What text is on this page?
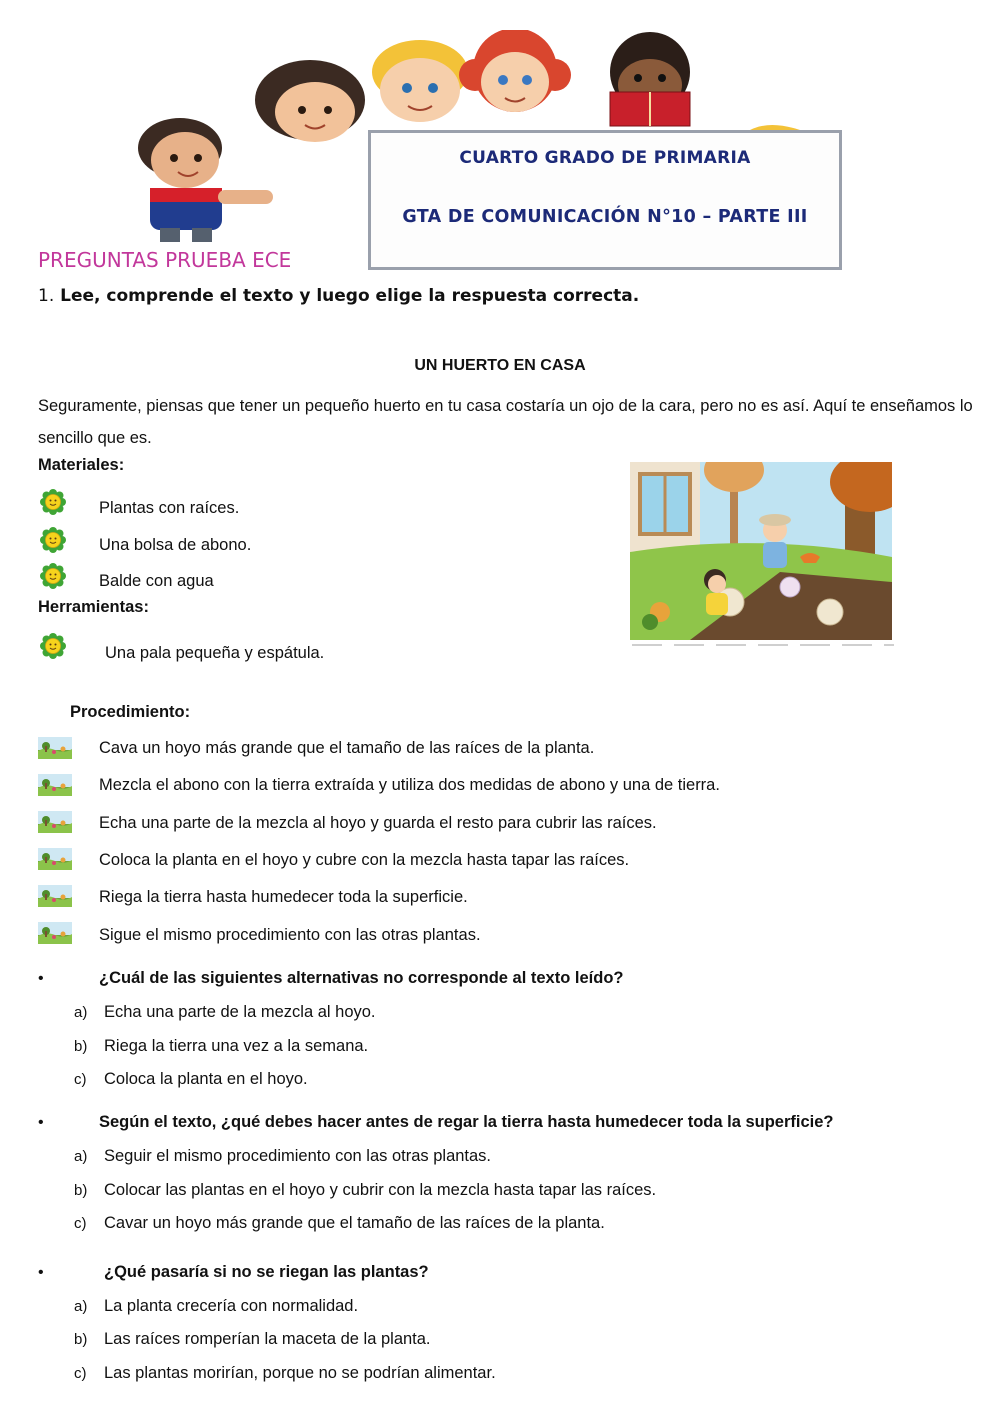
CUARTO GRADO DE PRIMARIA
GTA DE COMUNICACIÓN N°10 – PARTE III
PREGUNTAS PRUEBA ECE
1. Lee, comprende el texto y luego elige la respuesta correcta.
UN HUERTO EN CASA
Seguramente, piensas que tener un pequeño huerto en tu casa costaría un ojo de la cara, pero no es así. Aquí te enseñamos lo sencillo que es.
Materiales:
Plantas con raíces.
Una bolsa de abono.
Balde con agua
Herramientas:
Una pala pequeña y espátula.
Procedimiento:
Cava un hoyo más grande que el tamaño de las raíces de la planta.
Mezcla el abono con la tierra extraída y utiliza dos medidas de abono y una de tierra.
Echa una parte de la mezcla al hoyo y guarda el resto para cubrir las raíces.
Coloca la planta en el hoyo y cubre con la mezcla hasta tapar las raíces.
Riega la tierra hasta humedecer toda la superficie.
Sigue el mismo procedimiento con las otras plantas.
•	¿Cuál de las siguientes alternativas no corresponde al texto leído?
a) Echa una parte de la mezcla al hoyo.
b) Riega la tierra una vez a la semana.
c) Coloca la planta en el hoyo.
•	Según el texto, ¿qué debes hacer antes de regar la tierra hasta humedecer toda la superficie?
a) Seguir el mismo procedimiento con las otras plantas.
b) Colocar las plantas en el hoyo y cubrir con la mezcla hasta tapar las raíces.
c) Cavar un hoyo más grande que el tamaño de las raíces de la planta.
•	¿Qué pasaría si no se riegan las plantas?
a) La planta crecería con normalidad.
b) Las raíces romperían la maceta de la planta.
c) Las plantas morirían, porque no se podrían alimentar.
